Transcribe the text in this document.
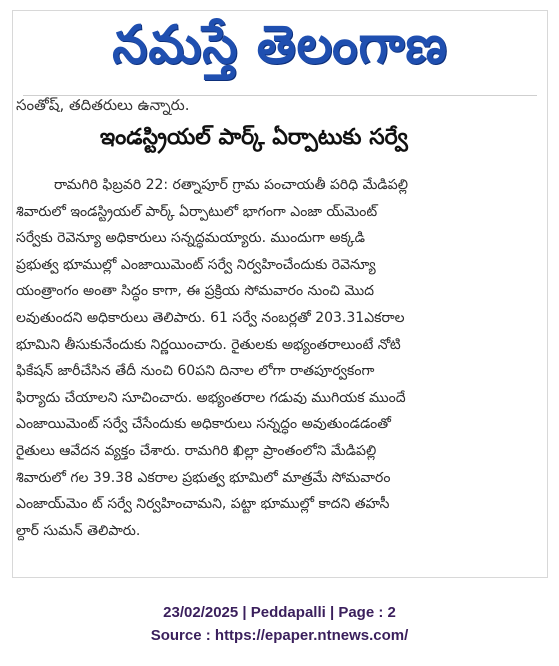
నమస్తే తెలంగాణ
సంతోష్, తదితరులు ఉన్నారు.
ఇండస్ట్రియల్ పార్క్ ఏర్పాటుకు సర్వే
రామగిరి ఫిబ్రవరి 22: రత్నాపూర్ గ్రామ పంచాయతీ పరిధి మేడిపల్లి
శివారులో ఇండస్ట్రియల్ పార్క్ ఏర్పాటులో భాగంగా ఎంజా య్‌మెంట్
సర్వేకు రెవెన్యూ అధికారులు సన్నద్ధమయ్యారు. ముందుగా అక్కడి
ప్రభుత్వ భూముల్లో ఎంజాయిమెంట్ సర్వే నిర్వహించేందుకు రెవెన్యూ
యంత్రాంగం అంతా సిద్ధం కాగా, ఈ ప్రక్రియ సోమవారం నుంచి మొద
లవుతుందని అధికారులు తెలిపారు. 61 సర్వే నంబర్లతో 203.31ఎకరాల
భూమిని తీసుకునేందుకు నిర్ణయించారు. రైతులకు అభ్యంతరాలుంటే నోటి
ఫికేషన్ జారీచేసిన తేదీ నుంచి 60పని దినాల లోగా రాతపూర్వకంగా
ఫిర్యాదు చేయాలని సూచించారు. అభ్యంతరాల గడువు ముగియక ముందే
ఎంజాయిమెంట్ సర్వే చేసేందుకు అధికారులు సన్నద్ధం అవుతుండడంతో
రైతులు ఆవేదన వ్యక్తం చేశారు. రామగిరి ఖిల్లా ప్రాంతంలోని మేడిపల్లి
శివారులో గల 39.38 ఎకరాల ప్రభుత్వ భూమిలో మాత్రమే సోమవారం
ఎంజాయ్‌మెం ట్ సర్వే నిర్వహించామని, పట్టా భూముల్లో కాదని తహసీ
ల్దార్ సుమన్ తెలిపారు.
23/02/2025 | Peddapalli | Page : 2
Source : https://epaper.ntnews.com/
